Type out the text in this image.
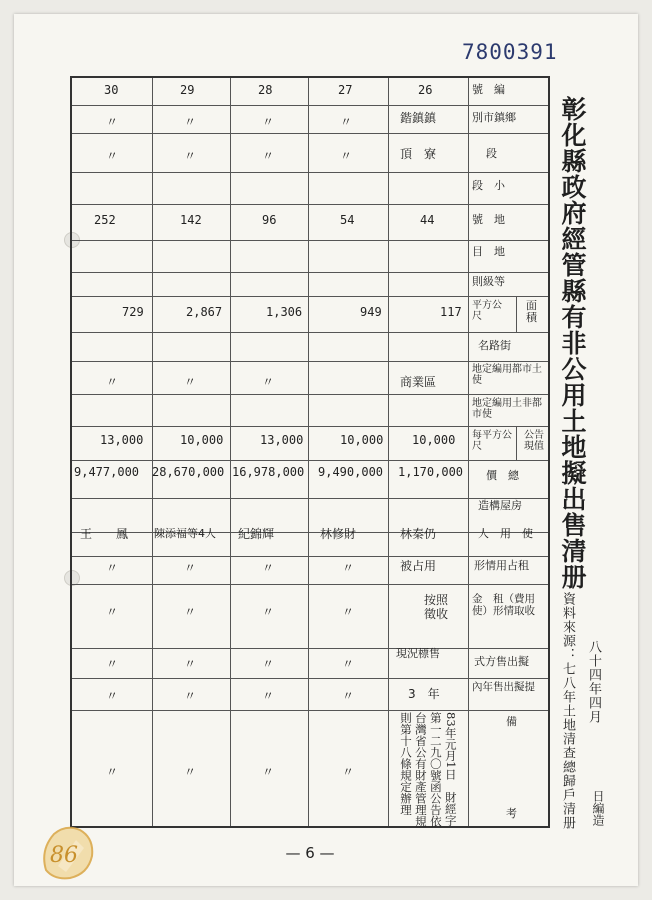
7800391
號　編
別市鎮鄉
段
段　小
號　地
目　地
則級等
平方公尺
面積
名路街
地定編用都市土使
地定編用土非都市使
每平方公尺
公告現值
價　總
造構屋房
人　用　使
形情用占租
金　租（費用使）形情取收
式方售出擬
內年售出擬提
備
考
26
鍇鎮鎮
頂　寮
44
117
商業區
10,000
1,170,000
林秦仍
被占用
按照徵收
現況標售
3　年
83年元月1日　財經字第一二九〇號函公告依台灣省公有財產管理規則第十八條規定辦理
27
〃
〃
54
949
10,000
9,490,000
林修財
〃
〃
〃
〃
〃
28
〃
〃
96
1,306
〃
13,000
16,978,000
紀錦輝
〃
〃
〃
〃
〃
29
〃
〃
142
2,867
〃
10,000
28,670,000
陳添福等4人
〃
〃
〃
〃
〃
30
〃
〃
252
729
〃
13,000
9,477,000
王　　鳳
〃
〃
〃
〃
〃
彰化縣政府經管縣有非公用土地擬出售清册
資料來源：七八年土地清查總歸戶清册 八十四年四月
日編造
— 6 —
86
